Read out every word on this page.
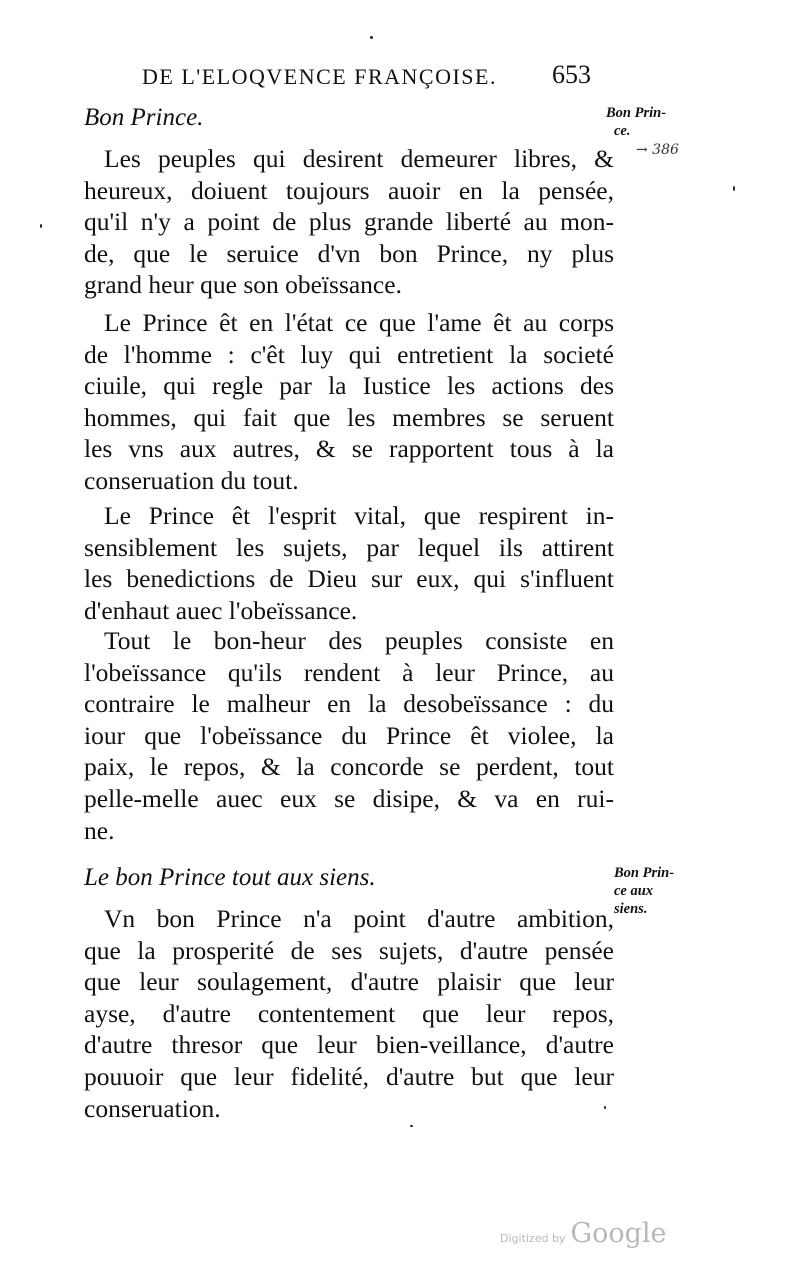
DE L'ELOQVENCE FRANÇOISE. 653
Bon Prince.	Bon Prin-
ce.
→ 386
Les peuples qui desirent demeurer libres, &
heureux, doiuent toujours auoir en la pensée,
qu'il n'y a point de plus grande liberté au mon-
de, que le seruice d'vn bon Prince, ny plus
grand heur que son obeïssance.
Le Prince êt en l'état ce que l'ame êt au corps
de l'homme : c'êt luy qui entretient la societé
ciuile, qui regle par la Iustice les actions des
hommes, qui fait que les membres se seruent
les vns aux autres, & se rapportent tous à la
conseruation du tout.
Le Prince êt l'esprit vital, que respirent in-
sensiblement les sujets, par lequel ils attirent
les benedictions de Dieu sur eux, qui s'influent
d'enhaut auec l'obeïssance.
Tout le bon-heur des peuples consiste en
l'obeïssance qu'ils rendent à leur Prince, au
contraire le malheur en la desobeïssance : du
iour que l'obeïssance du Prince êt violee, la
paix, le repos, & la concorde se perdent, tout
pelle-melle auec eux se disipe, & va en rui-
ne.
Le bon Prince tout aux siens.	Bon Prin-
ce aux
siens.
Vn bon Prince n'a point d'autre ambition,
que la prosperité de ses sujets, d'autre pensée
que leur soulagement, d'autre plaisir que leur
ayse, d'autre contentement que leur repos,
d'autre thresor que leur bien-veillance, d'autre
pouuoir que leur fidelité, d'autre but que leur
conseruation.
Digitized by Google
